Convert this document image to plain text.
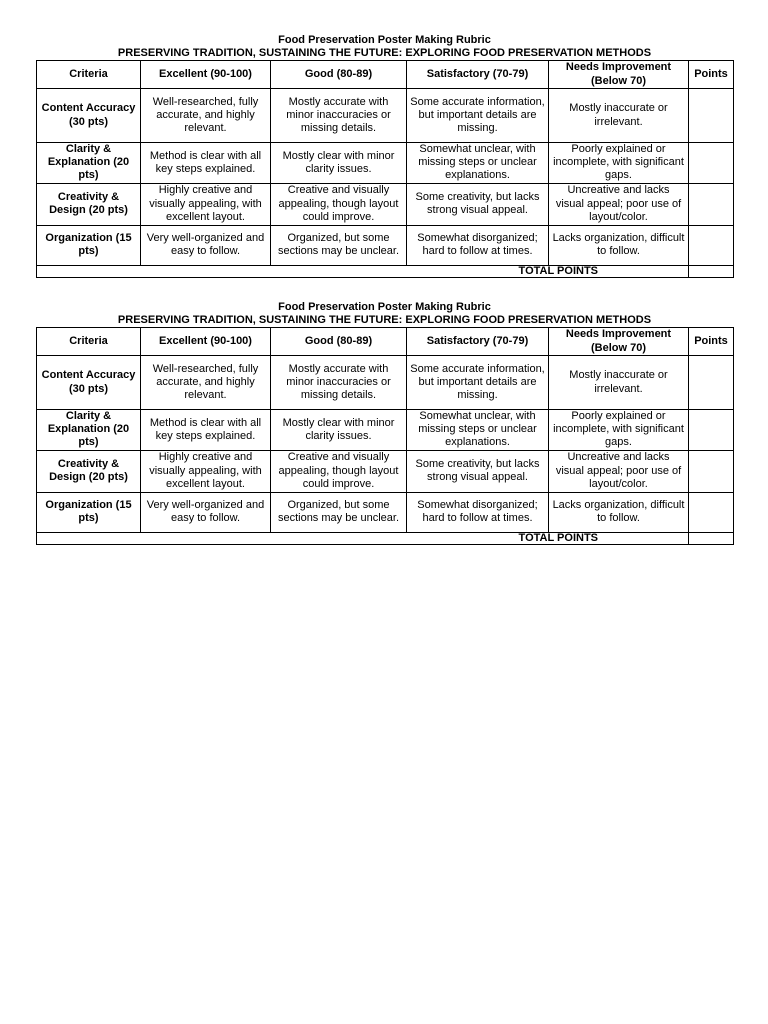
Food Preservation Poster Making Rubric
PRESERVING TRADITION, SUSTAINING THE FUTURE: EXPLORING FOOD PRESERVATION METHODS
Criteria	Excellent (90-100)	Good (80-89)	Satisfactory (70-79)	Needs Improvement (Below 70)	Points
Content Accuracy (30 pts)	Well-researched, fully accurate, and highly relevant.	Mostly accurate with minor inaccuracies or missing details.	Some accurate information, but important details are missing.	Mostly inaccurate or irrelevant.	
Clarity & Explanation (20 pts)	Method is clear with all key steps explained.	Mostly clear with minor clarity issues.	Somewhat unclear, with missing steps or unclear explanations.	Poorly explained or incomplete, with significant gaps.	
Creativity & Design (20 pts)	Highly creative and visually appealing, with excellent layout.	Creative and visually appealing, though layout could improve.	Some creativity, but lacks strong visual appeal.	Uncreative and lacks visual appeal; poor use of layout/color.	
Organization (15 pts)	Very well-organized and easy to follow.	Organized, but some sections may be unclear.	Somewhat disorganized; hard to follow at times.	Lacks organization, difficult to follow.	
TOTAL POINTS					
Food Preservation Poster Making Rubric
PRESERVING TRADITION, SUSTAINING THE FUTURE: EXPLORING FOOD PRESERVATION METHODS
Criteria	Excellent (90-100)	Good (80-89)	Satisfactory (70-79)	Needs Improvement (Below 70)	Points
Content Accuracy (30 pts)	Well-researched, fully accurate, and highly relevant.	Mostly accurate with minor inaccuracies or missing details.	Some accurate information, but important details are missing.	Mostly inaccurate or irrelevant.	
Clarity & Explanation (20 pts)	Method is clear with all key steps explained.	Mostly clear with minor clarity issues.	Somewhat unclear, with missing steps or unclear explanations.	Poorly explained or incomplete, with significant gaps.	
Creativity & Design (20 pts)	Highly creative and visually appealing, with excellent layout.	Creative and visually appealing, though layout could improve.	Some creativity, but lacks strong visual appeal.	Uncreative and lacks visual appeal; poor use of layout/color.	
Organization (15 pts)	Very well-organized and easy to follow.	Organized, but some sections may be unclear.	Somewhat disorganized; hard to follow at times.	Lacks organization, difficult to follow.	
TOTAL POINTS					
